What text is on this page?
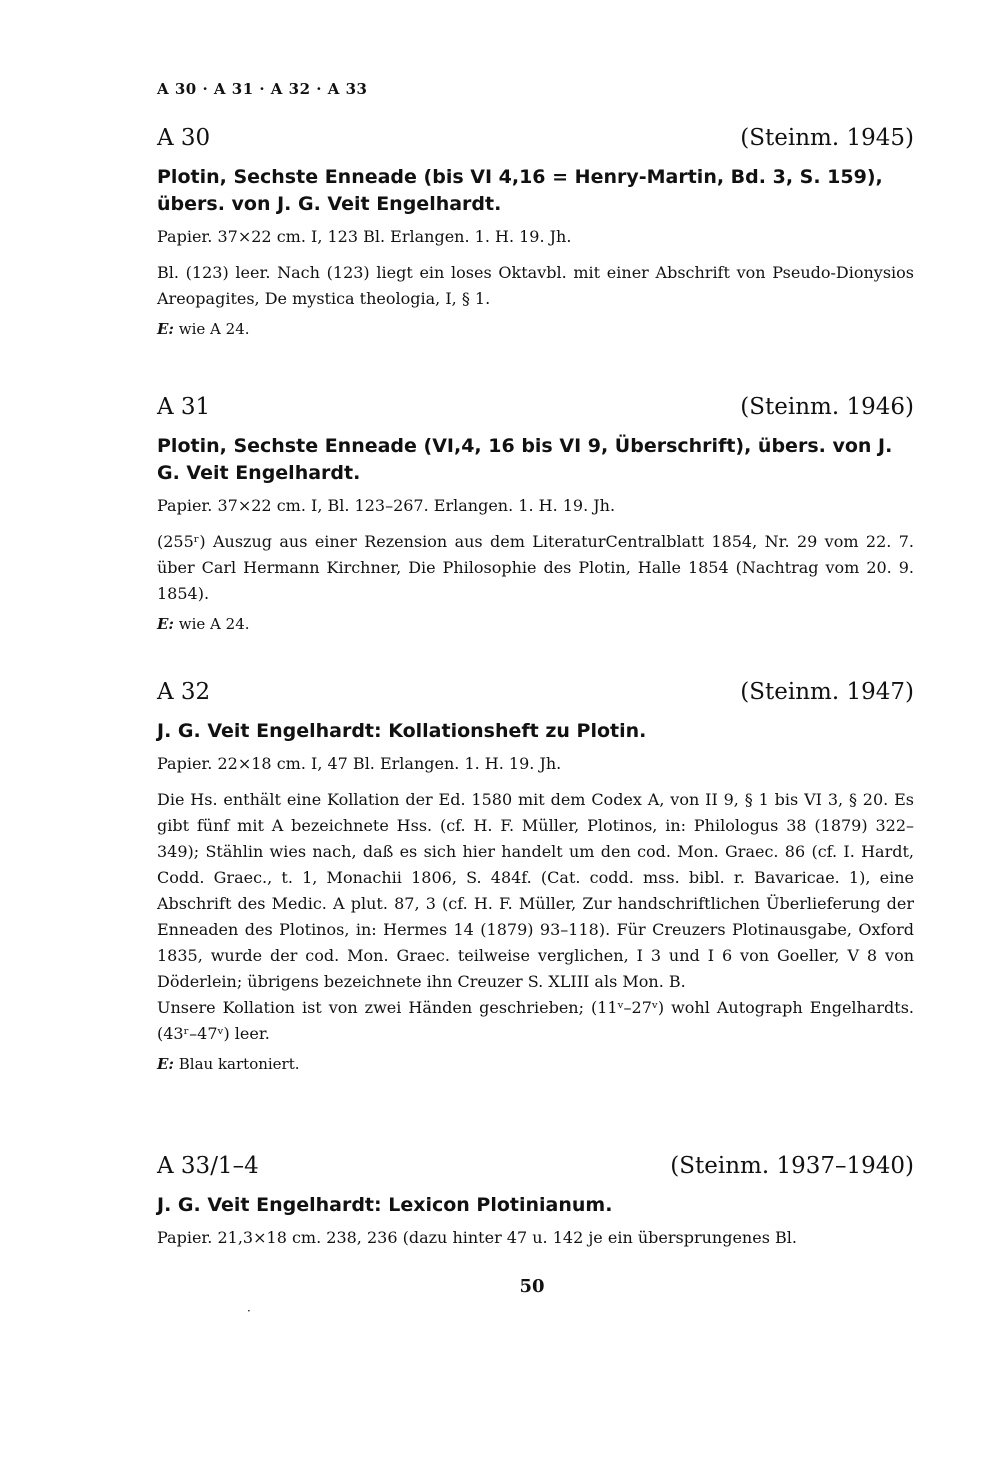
A 30 · A 31 · A 32 · A 33
A 30	(Steinm. 1945)
Plotin, Sechste Enneade (bis VI 4,16 = Henry-Martin, Bd. 3, S. 159), übers. von J. G. Veit Engelhardt.
Papier. 37×22 cm. I, 123 Bl. Erlangen. 1. H. 19. Jh.
Bl. (123) leer. Nach (123) liegt ein loses Oktavbl. mit einer Abschrift von Pseudo-Dionysios Areopagites, De mystica theologia, I, § 1.
E: wie A 24.
A 31	(Steinm. 1946)
Plotin, Sechste Enneade (VI,4, 16 bis VI 9, Überschrift), übers. von J. G. Veit Engelhardt.
Papier. 37×22 cm. I, Bl. 123–267. Erlangen. 1. H. 19. Jh.
(255ʳ) Auszug aus einer Rezension aus dem LiteraturCentralblatt 1854, Nr. 29 vom 22. 7. über Carl Hermann Kirchner, Die Philosophie des Plotin, Halle 1854 (Nachtrag vom 20. 9. 1854).
E: wie A 24.
A 32	(Steinm. 1947)
J. G. Veit Engelhardt: Kollationsheft zu Plotin.
Papier. 22×18 cm. I, 47 Bl. Erlangen. 1. H. 19. Jh.
Die Hs. enthält eine Kollation der Ed. 1580 mit dem Codex A, von II 9, § 1 bis VI 3, § 20. Es gibt fünf mit A bezeichnete Hss. (cf. H. F. Müller, Plotinos, in: Philologus 38 (1879) 322–349); Stählin wies nach, daß es sich hier handelt um den cod. Mon. Graec. 86 (cf. I. Hardt, Codd. Graec., t. 1, Monachii 1806, S. 484f. (Cat. codd. mss. bibl. r. Bavaricae. 1), eine Abschrift des Medic. A plut. 87, 3 (cf. H. F. Müller, Zur handschriftlichen Überlieferung der Enneaden des Plotinos, in: Hermes 14 (1879) 93–118). Für Creuzers Plotinausgabe, Oxford 1835, wurde der cod. Mon. Graec. teilweise verglichen, I 3 und I 6 von Goeller, V 8 von Döderlein; übrigens bezeichnete ihn Creuzer S. XLIII als Mon. B.
Unsere Kollation ist von zwei Händen geschrieben; (11ᵛ–27ᵛ) wohl Autograph Engelhardts. (43ʳ–47ᵛ) leer.
E: Blau kartoniert.
A 33/1–4	(Steinm. 1937–1940)
J. G. Veit Engelhardt: Lexicon Plotinianum.
Papier. 21,3×18 cm. 238, 236 (dazu hinter 47 u. 142 je ein übersprungenes Bl.
50
·
